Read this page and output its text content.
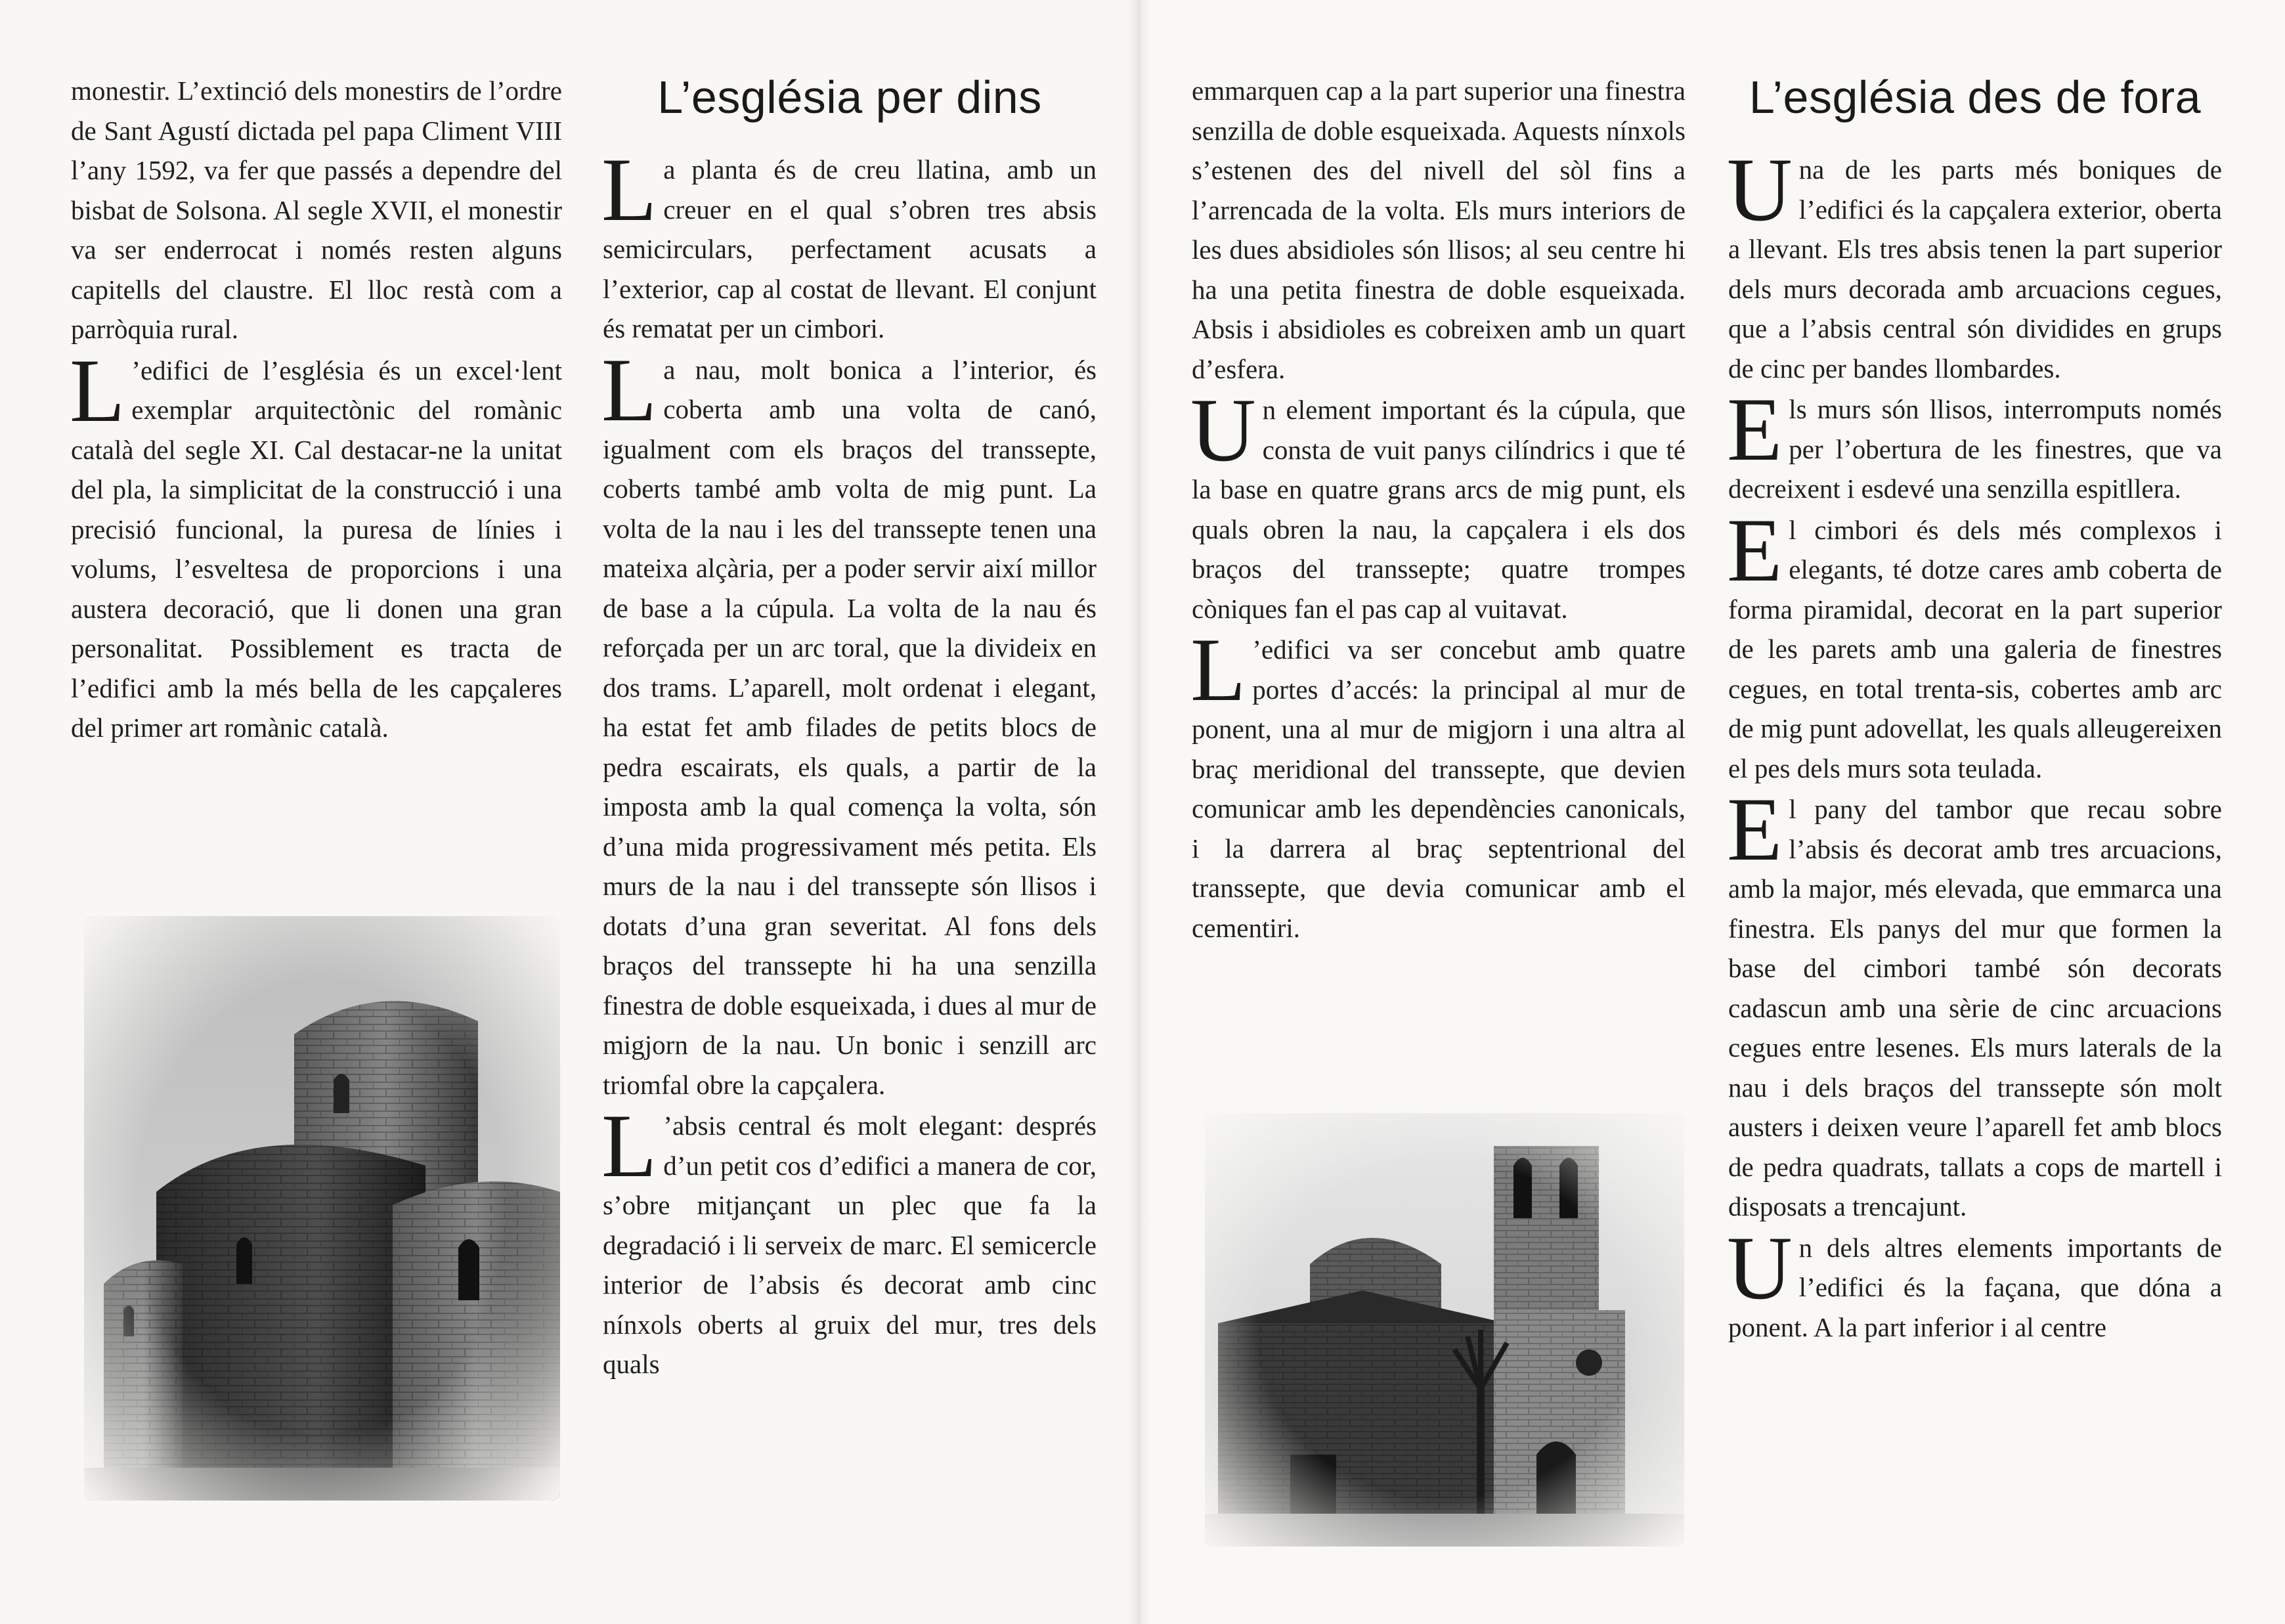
monestir. L’extinció dels monestirs de l’ordre de Sant Agustí dictada pel papa Climent VIII l’any 1592, va fer que passés a dependre del bisbat de Solsona. Al segle XVII, el monestir va ser enderrocat i només resten alguns capitells del claustre. El lloc restà com a parròquia rural.

L ’edifici de l’església és un excel·lent exemplar arquitectònic del romànic català del segle XI. Cal destacar-ne la unitat del pla, la simplicitat de la construcció i una precisió funcional, la puresa de línies i volums, l’esveltesa de proporcions i una austera decoració, que li donen una gran personalitat. Possiblement es tracta de l’edifici amb la més bella de les capçaleres del primer art romànic català.

L’església per dins

La planta és de creu llatina, amb un creuer en el qual s’obren tres absis semicirculars, perfectament acusats a l’exterior, cap al costat de llevant. El conjunt és rematat per un cimbori.

La nau, molt bonica a l’interior, és coberta amb una volta de canó, igualment com els braços del transsepte, coberts també amb volta de mig punt. La volta de la nau i les del transsepte tenen una mateixa alçària, per a poder servir així millor de base a la cúpula. La volta de la nau és reforçada per un arc toral, que la divideix en dos trams. L’aparell, molt ordenat i elegant, ha estat fet amb filades de petits blocs de pedra escairats, els quals, a partir de la imposta amb la qual comença la volta, són d’una mida progressivament més petita. Els murs de la nau i del transsepte són llisos i dotats d’una gran severitat. Al fons dels braços del transsepte hi ha una senzilla finestra de doble esqueixada, i dues al mur de migjorn de la nau. Un bonic i senzill arc triomfal obre la capçalera.

L ’absis central és molt elegant: després d’un petit cos d’edifici a manera de cor, s’obre mitjançant un plec que fa la degradació i li serveix de marc. El semicercle interior de l’absis és decorat amb cinc nínxols oberts al gruix del mur, tres dels quals

emmarquen cap a la part superior una finestra senzilla de doble esqueixada. Aquests nínxols s’estenen des del nivell del sòl fins a l’arrencada de la volta. Els murs interiors de les dues absidioles són llisos; al seu centre hi ha una petita finestra de doble esqueixada. Absis i absidioles es cobreixen amb un quart d’esfera.

Un element important és la cúpula, que consta de vuit panys cilíndrics i que té la base en quatre grans arcs de mig punt, els quals obren la nau, la capçalera i els dos braços del transsepte; quatre trompes còniques fan el pas cap al vuitavat.

L ’edifici va ser concebut amb quatre portes d’accés: la principal al mur de ponent, una al mur de migjorn i una altra al braç meridional del transsepte, que devien comunicar amb les dependències canonicals, i la darrera al braç septentrional del transsepte, que devia comunicar amb el cementiri.

L’església des de fora

Una de les parts més boniques de l’edifici és la capçalera exterior, oberta a llevant. Els tres absis tenen la part superior dels murs decorada amb arcuacions cegues, que a l’absis central són dividides en grups de cinc per bandes llombardes.

Els murs són llisos, interromputs només per l’obertura de les finestres, que va decreixent i esdevé una senzilla espitllera.

El cimbori és dels més complexos i elegants, té dotze cares amb coberta de forma piramidal, decorat en la part superior de les parets amb una galeria de finestres cegues, en total trenta-sis, cobertes amb arc de mig punt adovellat, les quals alleugereixen el pes dels murs sota teulada.

El pany del tambor que recau sobre l’absis és decorat amb tres arcuacions, amb la major, més elevada, que emmarca una finestra. Els panys del mur que formen la base del cimbori també són decorats cadascun amb una sèrie de cinc arcuacions cegues entre lesenes. Els murs laterals de la nau i dels braços del transsepte són molt austers i deixen veure l’aparell fet amb blocs de pedra quadrats, tallats a cops de martell i disposats a trencajunt.

Un dels altres elements importants de l’edifici és la façana, que dóna a ponent. A la part inferior i al centre
